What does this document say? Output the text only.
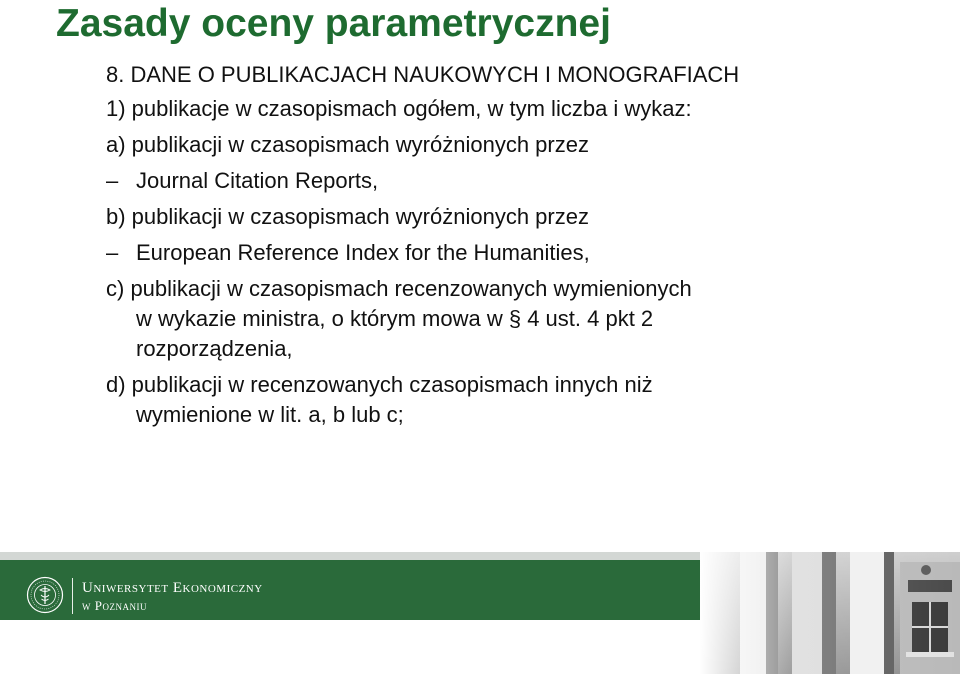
Zasady oceny parametrycznej

8. DANE O PUBLIKACJACH NAUKOWYCH I MONOGRAFIACH

1) publikacje w czasopismach ogółem, w tym liczba i wykaz:

a) publikacji w czasopismach wyróżnionych przez

– Journal Citation Reports,

b) publikacji w czasopismach wyróżnionych przez

– European Reference Index for the Humanities,

c) publikacji w czasopismach recenzowanych wymienionych

w wykazie ministra, o którym mowa w § 4 ust. 4 pkt 2

rozporządzenia,

d) publikacji w recenzowanych czasopismach innych niż

wymienione w lit. a, b lub c;

Uniwersytet Ekonomiczny
w Poznaniu
